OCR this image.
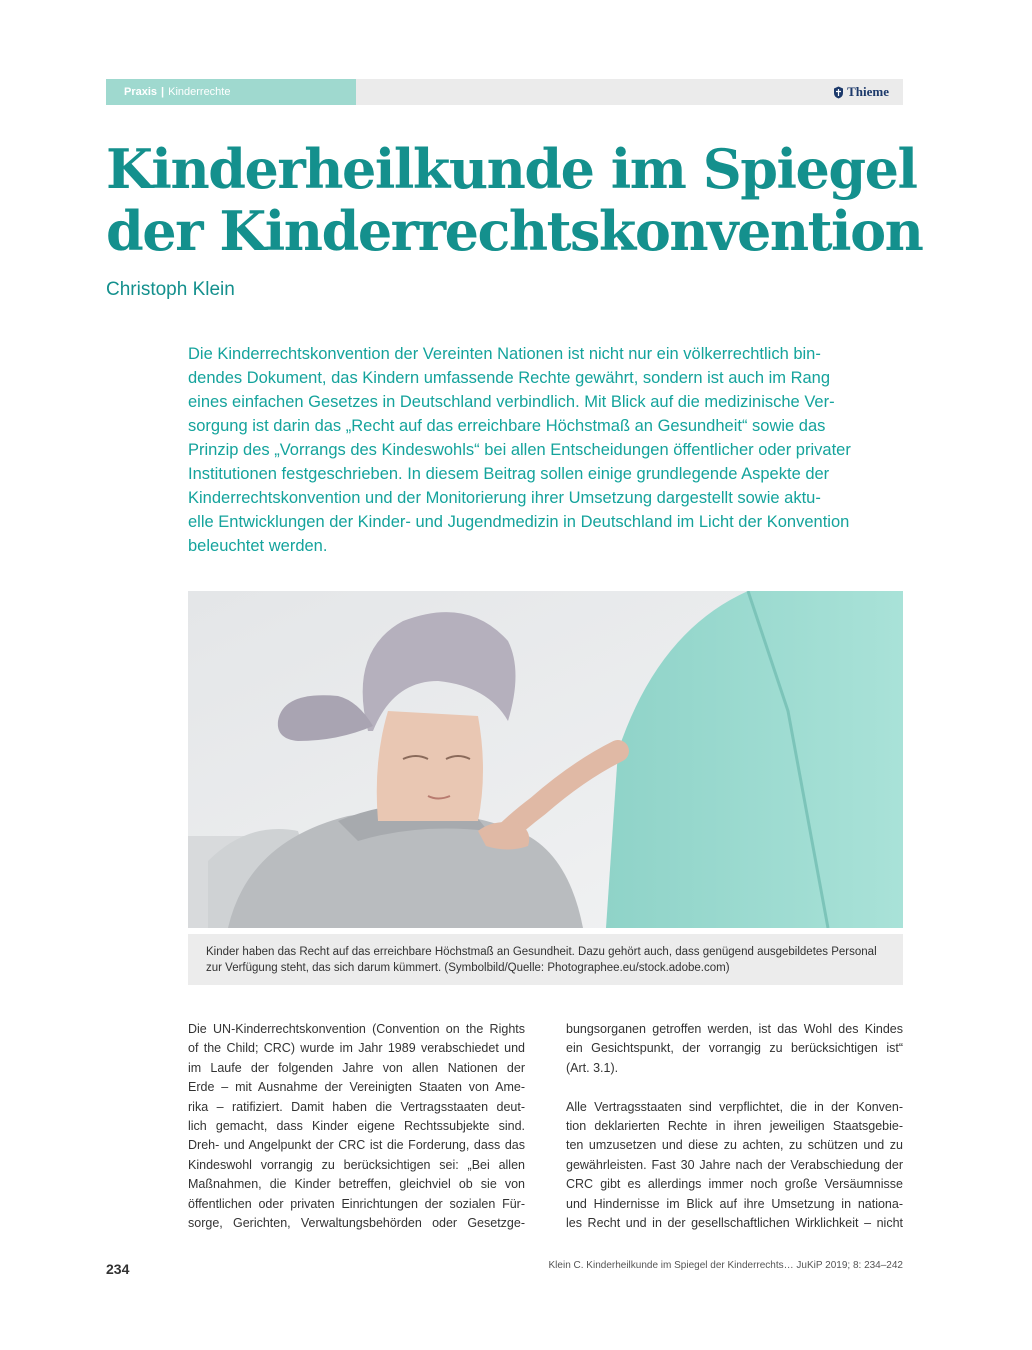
Praxis | Kinderrechte	Thieme
Kinderheilkunde im Spiegel
der Kinderrechtskonvention
Christoph Klein
Die Kinderrechtskonvention der Vereinten Nationen ist nicht nur ein völkerrechtlich bin-
dendes Dokument, das Kindern umfassende Rechte gewährt, sondern ist auch im Rang
eines einfachen Gesetzes in Deutschland verbindlich. Mit Blick auf die medizinische Ver-
sorgung ist darin das „Recht auf das erreichbare Höchstmaß an Gesundheit“ sowie das
Prinzip des „Vorrangs des Kindeswohls“ bei allen Entscheidungen öffentlicher oder privater
Institutionen festgeschrieben. In diesem Beitrag sollen einige grundlegende Aspekte der
Kinderrechtskonvention und der Monitorierung ihrer Umsetzung dargestellt sowie aktu-
elle Entwicklungen der Kinder- und Jugendmedizin in Deutschland im Licht der Konvention
beleuchtet werden.
Kinder haben das Recht auf das erreichbare Höchstmaß an Gesundheit. Dazu gehört auch, dass genügend ausgebildetes Personal
zur Verfügung steht, das sich darum kümmert. (Symbolbild/Quelle: Photographee.eu/stock.adobe.com)
Die UN-Kinderrechtskonvention (Convention on the Rights
of the Child; CRC) wurde im Jahr 1989 verabschiedet und
im Laufe der folgenden Jahre von allen Nationen der
Erde – mit Ausnahme der Vereinigten Staaten von Ame-
rika – ratifiziert. Damit haben die Vertragsstaaten deut-
lich gemacht, dass Kinder eigene Rechtssubjekte sind.
Dreh- und Angelpunkt der CRC ist die Forderung, dass das
Kindeswohl vorrangig zu berücksichtigen sei: „Bei allen
Maßnahmen, die Kinder betreffen, gleichviel ob sie von
öffentlichen oder privaten Einrichtungen der sozialen Für-
sorge, Gerichten, Verwaltungsbehörden oder Gesetzge-
bungsorganen getroffen werden, ist das Wohl des Kindes
ein Gesichtspunkt, der vorrangig zu berücksichtigen ist“
(Art. 3.1).
Alle Vertragsstaaten sind verpflichtet, die in der Konven-
tion deklarierten Rechte in ihren jeweiligen Staatsgebie-
ten umzusetzen und diese zu achten, zu schützen und zu
gewährleisten. Fast 30 Jahre nach der Verabschiedung der
CRC gibt es allerdings immer noch große Versäumnisse
und Hindernisse im Blick auf ihre Umsetzung in nationa-
les Recht und in der gesellschaftlichen Wirklichkeit – nicht
234	Klein C. Kinderheilkunde im Spiegel der Kinderrechts… JuKiP 2019; 8: 234–242
